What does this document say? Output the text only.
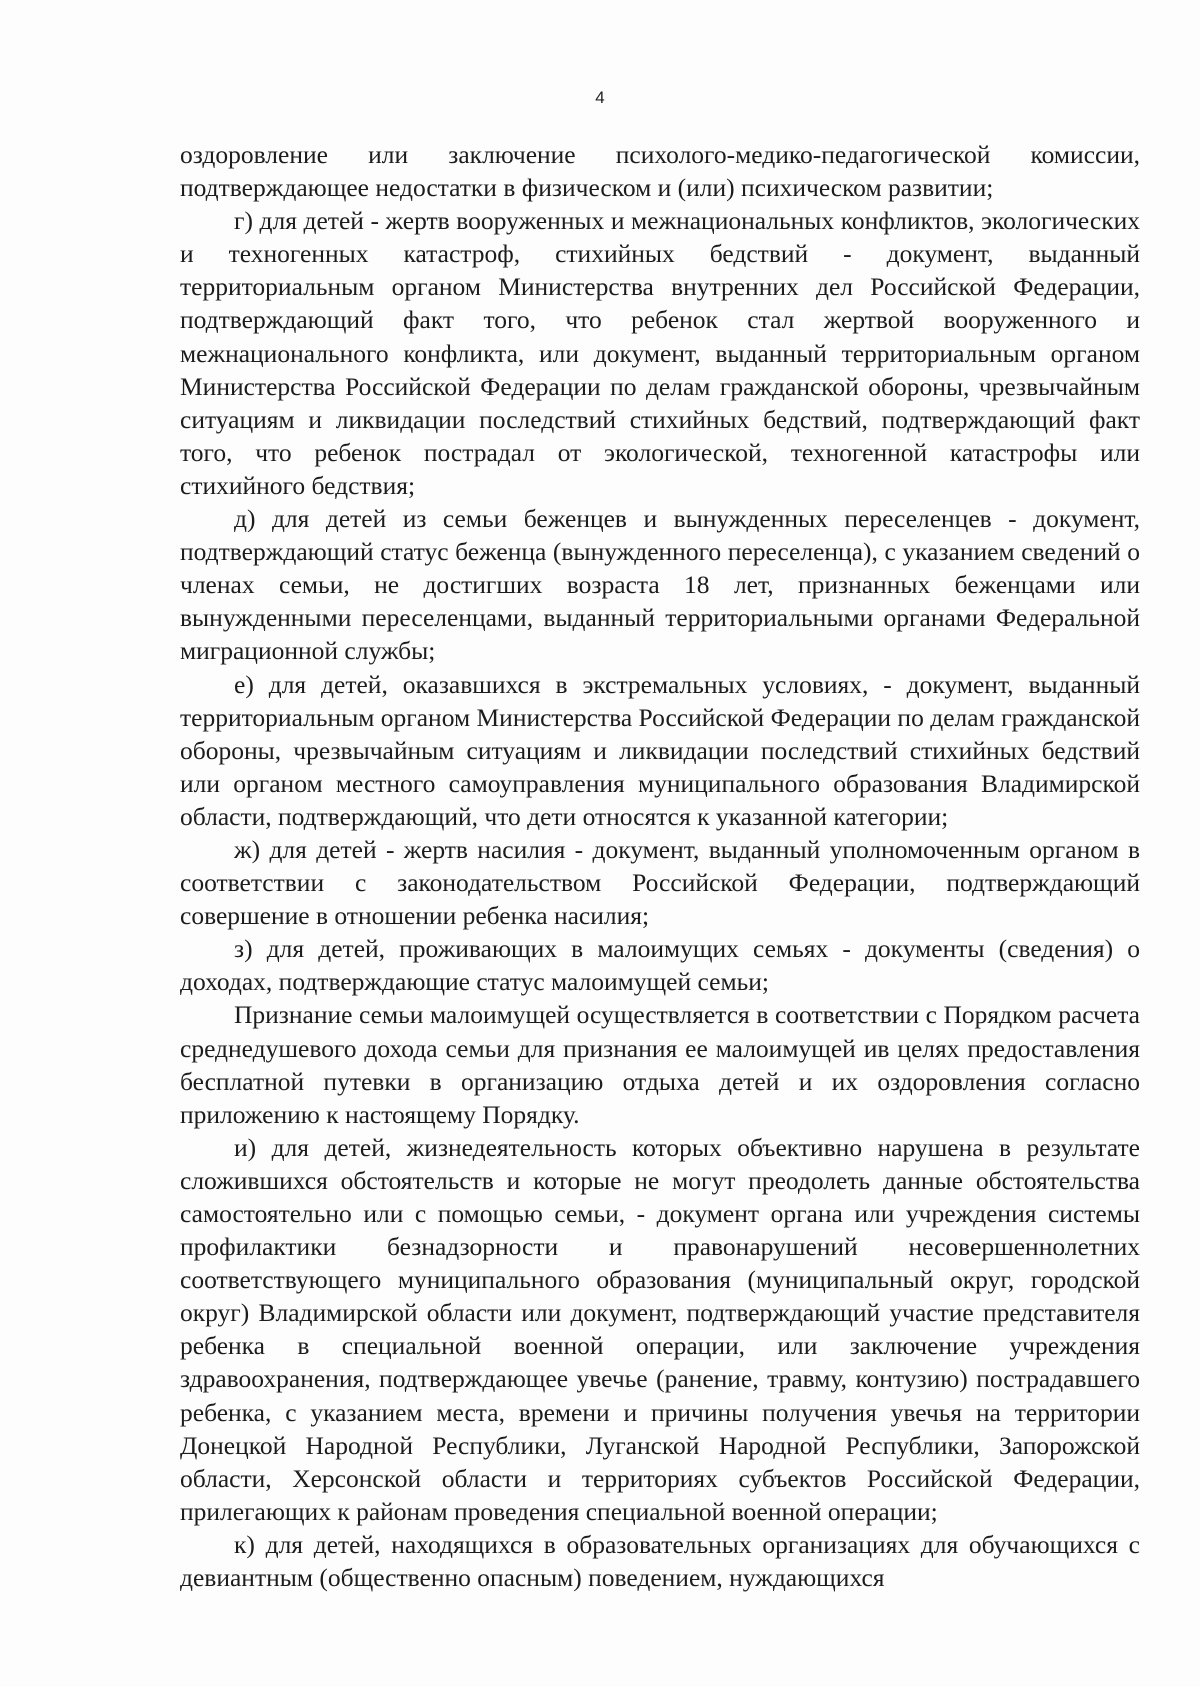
4

оздоровление или заключение психолого-медико-педагогической комиссии, подтверждающее недостатки в физическом и (или) психическом развитии;

г) для детей - жертв вооруженных и межнациональных конфликтов, экологических и техногенных катастроф, стихийных бедствий - документ, выданный территориальным органом Министерства внутренних дел Российской Федерации, подтверждающий факт того, что ребенок стал жертвой вооруженного и межнационального конфликта, или документ, выданный территориальным органом Министерства Российской Федерации по делам гражданской обороны, чрезвычайным ситуациям и ликвидации последствий стихийных бедствий, подтверждающий факт того, что ребенок пострадал от экологической, техногенной катастрофы или стихийного бедствия;

д) для детей из семьи беженцев и вынужденных переселенцев - документ, подтверждающий статус беженца (вынужденного переселенца), с указанием сведений о членах семьи, не достигших возраста 18 лет, признанных беженцами или вынужденными переселенцами, выданный территориальными органами Федеральной миграционной службы;

е) для детей, оказавшихся в экстремальных условиях, - документ, выданный территориальным органом Министерства Российской Федерации по делам гражданской обороны, чрезвычайным ситуациям и ликвидации последствий стихийных бедствий или органом местного самоуправления муниципального образования Владимирской области, подтверждающий, что дети относятся к указанной категории;

ж) для детей - жертв насилия - документ, выданный уполномоченным органом в соответствии с законодательством Российской Федерации, подтверждающий совершение в отношении ребенка насилия;

з) для детей, проживающих в малоимущих семьях - документы (сведения) о доходах, подтверждающие статус малоимущей семьи;

Признание семьи малоимущей осуществляется в соответствии с Порядком расчета среднедушевого дохода семьи для признания ее малоимущей ив целях предоставления бесплатной путевки в организацию отдыха детей и их оздоровления согласно приложению к настоящему Порядку.

и) для детей, жизнедеятельность которых объективно нарушена в результате сложившихся обстоятельств и которые не могут преодолеть данные обстоятельства самостоятельно или с помощью семьи, - документ органа или учреждения системы профилактики безнадзорности и правонарушений несовершеннолетних соответствующего муниципального образования (муниципальный округ, городской округ) Владимирской области или документ, подтверждающий участие представителя ребенка в специальной военной операции, или заключение учреждения здравоохранения, подтверждающее увечье (ранение, травму, контузию) пострадавшего ребенка, с указанием места, времени и причины получения увечья на территории Донецкой Народной Республики, Луганской Народной Республики, Запорожской области, Херсонской области и территориях субъектов Российской Федерации, прилегающих к районам проведения специальной военной операции;

к) для детей, находящихся в образовательных организациях для обучающихся с девиантным (общественно опасным) поведением, нуждающихся
